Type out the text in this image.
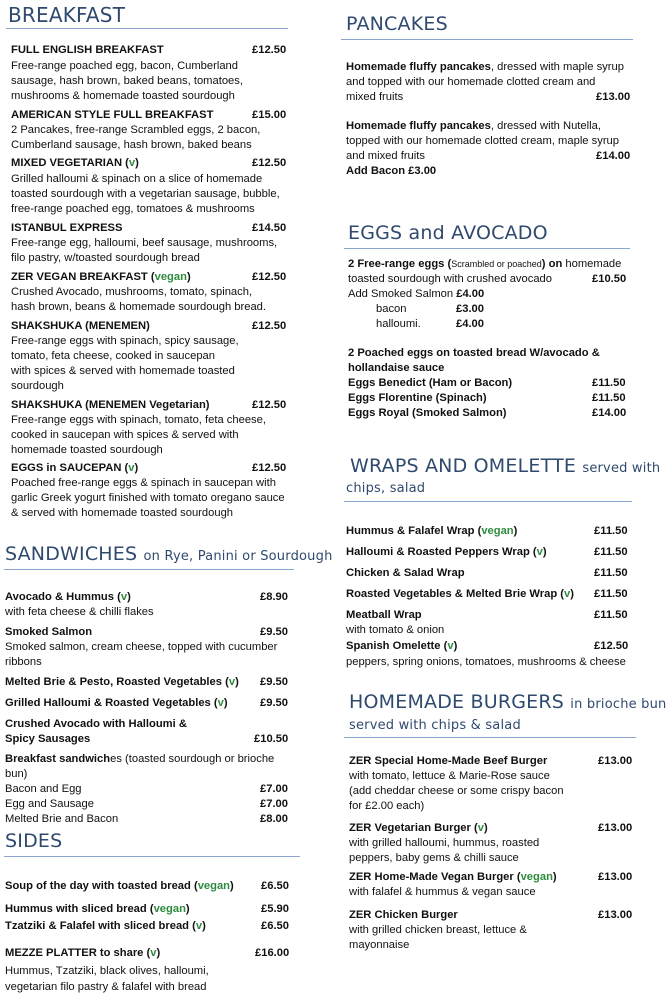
BREAKFAST
FULL ENGLISH BREAKFAST	£12.50
Free-range poached egg, bacon, Cumberland
sausage, hash brown, baked beans, tomatoes,
mushrooms & homemade toasted sourdough
AMERICAN STYLE FULL BREAKFAST	£15.00
2 Pancakes, free-range Scrambled eggs, 2 bacon,
Cumberland sausage, hash brown, baked beans
MIXED VEGETARIAN (v)	£12.50
Grilled halloumi & spinach on a slice of homemade
toasted sourdough with a vegetarian sausage, bubble,
free-range poached egg, tomatoes & mushrooms
ISTANBUL EXPRESS	£14.50
Free-range egg, halloumi, beef sausage, mushrooms,
filo pastry, w/toasted sourdough bread
ZER VEGAN BREAKFAST (vegan)	£12.50
Crushed Avocado, mushrooms, tomato, spinach,
hash brown, beans & homemade sourdough bread.
SHAKSHUKA (MENEMEN)	£12.50
Free-range eggs with spinach, spicy sausage,
tomato, feta cheese, cooked in saucepan
with spices & served with homemade toasted
sourdough
SHAKSHUKA (MENEMEN Vegetarian)	£12.50
Free-range eggs with spinach, tomato, feta cheese,
cooked in saucepan with spices & served with
homemade toasted sourdough
EGGS in SAUCEPAN (v)	£12.50
Poached free-range eggs & spinach in saucepan with
garlic Greek yogurt finished with tomato oregano sauce
& served with homemade toasted sourdough
SANDWICHES on Rye, Panini or Sourdough
Avocado & Hummus (v)	£8.90
with feta cheese & chilli flakes
Smoked Salmon	£9.50
Smoked salmon, cream cheese, topped with cucumber
ribbons
Melted Brie & Pesto, Roasted Vegetables (v) £9.50
Grilled Halloumi & Roasted Vegetables (v)	£9.50
Crushed Avocado with Halloumi &
Spicy Sausages	£10.50
Breakfast sandwiches (toasted sourdough or brioche
bun)
Bacon and Egg	£7.00
Egg and Sausage	£7.00
Melted Brie and Bacon	£8.00
SIDES
Soup of the day with toasted bread (vegan) £6.50
Hummus with sliced bread (vegan)	£5.90
Tzatziki & Falafel with sliced bread (v)	£6.50
MEZZE PLATTER to share (v)	£16.00
Hummus, Tzatziki, black olives, halloumi,
vegetarian filo pastry & falafel with bread
PANCAKES
Homemade fluffy pancakes, dressed with maple syrup
and topped with our homemade clotted cream and
mixed fruits	£13.00
Homemade fluffy pancakes, dressed with Nutella,
topped with our homemade clotted cream, maple syrup
and mixed fruits	£14.00
Add Bacon £3.00
EGGS and AVOCADO
2 Free-range eggs (Scrambled or poached) on homemade
toasted sourdough with crushed avocado	£10.50
Add Smoked Salmon £4.00
bacon	£3.00
halloumi.	£4.00
2 Poached eggs on toasted bread W/avocado &
hollandaise sauce
Eggs Benedict (Ham or Bacon)	£11.50
Eggs Florentine (Spinach)	£11.50
Eggs Royal (Smoked Salmon)	£14.00
WRAPS AND OMELETTE served with
chips, salad
Hummus & Falafel Wrap (vegan)	£11.50
Halloumi & Roasted Peppers Wrap (v)	£11.50
Chicken & Salad Wrap	£11.50
Roasted Vegetables & Melted Brie Wrap (v) £11.50
Meatball Wrap	£11.50
with tomato & onion
Spanish Omelette (v)	£12.50
peppers, spring onions, tomatoes, mushrooms & cheese
HOMEMADE BURGERS in brioche bun
served with chips & salad
ZER Special Home-Made Beef Burger	£13.00
with tomato, lettuce & Marie-Rose sauce
(add cheddar cheese or some crispy bacon
for £2.00 each)
ZER Vegetarian Burger (v)	£13.00
with grilled halloumi, hummus, roasted
peppers, baby gems & chilli sauce
ZER Home-Made Vegan Burger (vegan)	£13.00
with falafel & hummus & vegan sauce
ZER Chicken Burger	£13.00
with grilled chicken breast, lettuce &
mayonnaise
